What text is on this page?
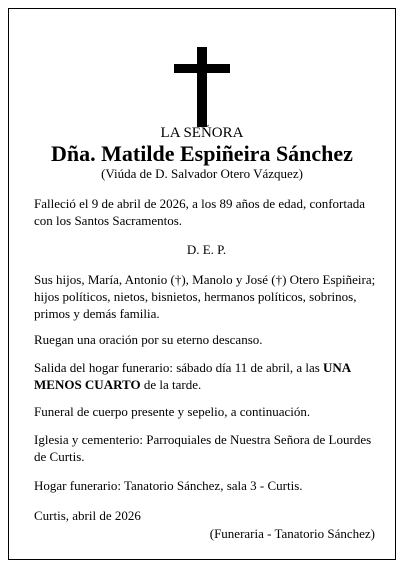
LA SEÑORA
Dña. Matilde Espiñeira Sánchez
(Viúda de D. Salvador Otero Vázquez)

Falleció el 9 de abril de 2026, a los 89 años de edad, confortada con los Santos Sacramentos.

D. E. P.

Sus hijos, María, Antonio (†), Manolo y José (†) Otero Espiñeira; hijos políticos, nietos, bisnietos, hermanos políticos, sobrinos, primos y demás familia.

Ruegan una oración por su eterno descanso.

Salida del hogar funerario: sábado día 11 de abril, a las UNA MENOS CUARTO de la tarde.

Funeral de cuerpo presente y sepelio, a continuación.

Iglesia y cementerio: Parroquiales de Nuestra Señora de Lourdes de Curtis.

Hogar funerario: Tanatorio Sánchez, sala 3 - Curtis.

Curtis, abril de 2026

(Funeraria - Tanatorio Sánchez)
